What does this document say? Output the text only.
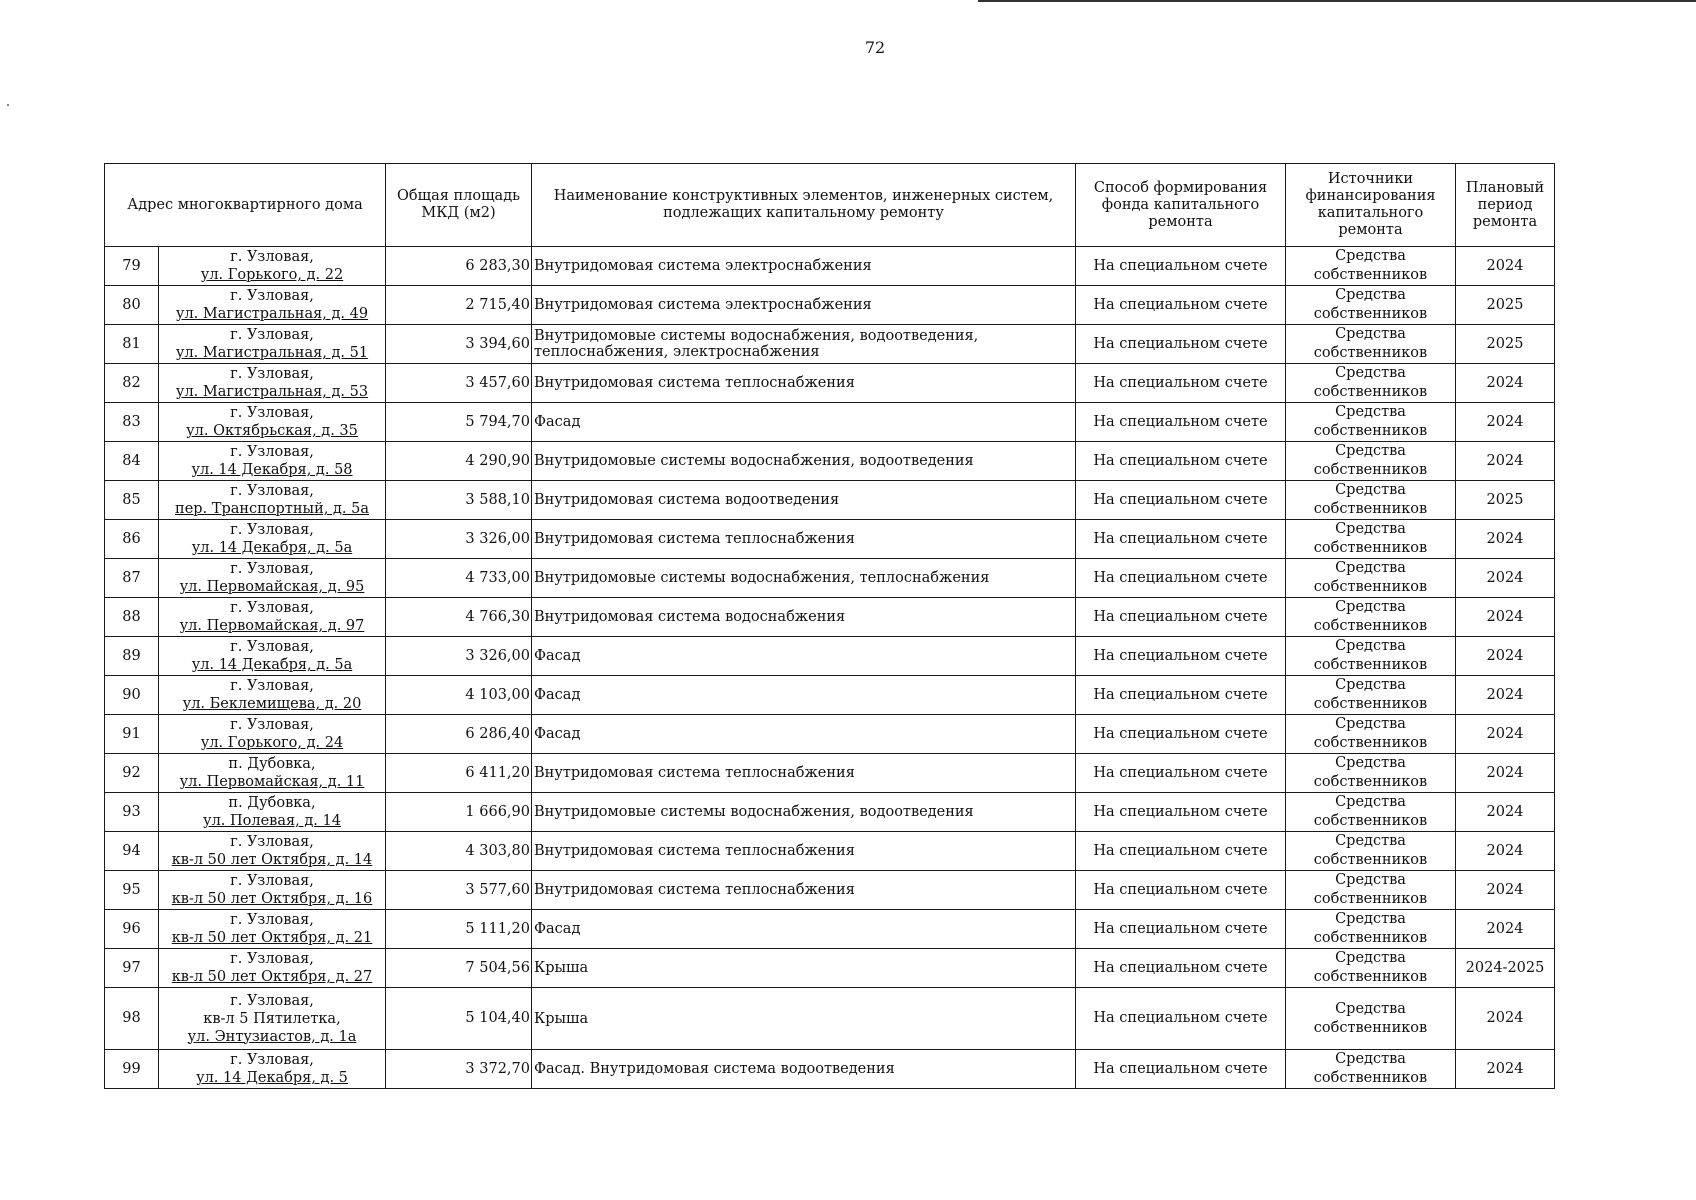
72
Адрес многоквартирного дома		Общая площадь МКД (м2)	Наименование конструктивных элементов, инженерных систем, подлежащих капитальному ремонту	Способ формирования фонда капитального ремонта	Источники финансирования капитального ремонта	Плановый период ремонта
79	г. Узловая,
ул. Горького, д. 22	6 283,30	Внутридомовая система электроснабжения	На специальном счете	Средства
собственников	2024
80	г. Узловая,
ул. Магистральная, д. 49	2 715,40	Внутридомовая система электроснабжения	На специальном счете	Средства
собственников	2025
81	г. Узловая,
ул. Магистральная, д. 51	3 394,60	Внутридомовые системы водоснабжения, водоотведения, теплоснабжения, электроснабжения	На специальном счете	Средства
собственников	2025
82	г. Узловая,
ул. Магистральная, д. 53	3 457,60	Внутридомовая система теплоснабжения	На специальном счете	Средства
собственников	2024
83	г. Узловая,
ул. Октябрьская, д. 35	5 794,70	Фасад	На специальном счете	Средства
собственников	2024
84	г. Узловая,
ул. 14 Декабря, д. 58	4 290,90	Внутридомовые системы водоснабжения, водоотведения	На специальном счете	Средства
собственников	2024
85	г. Узловая,
пер. Транспортный, д. 5а	3 588,10	Внутридомовая система водоотведения	На специальном счете	Средства
собственников	2025
86	г. Узловая,
ул. 14 Декабря, д. 5а	3 326,00	Внутридомовая система теплоснабжения	На специальном счете	Средства
собственников	2024
87	г. Узловая,
ул. Первомайская, д. 95	4 733,00	Внутридомовые системы водоснабжения, теплоснабжения	На специальном счете	Средства
собственников	2024
88	г. Узловая,
ул. Первомайская, д. 97	4 766,30	Внутридомовая система водоснабжения	На специальном счете	Средства
собственников	2024
89	г. Узловая,
ул. 14 Декабря, д. 5а	3 326,00	Фасад	На специальном счете	Средства
собственников	2024
90	г. Узловая,
ул. Беклемищева, д. 20	4 103,00	Фасад	На специальном счете	Средства
собственников	2024
91	г. Узловая,
ул. Горького, д. 24	6 286,40	Фасад	На специальном счете	Средства
собственников	2024
92	п. Дубовка,
ул. Первомайская, д. 11	6 411,20	Внутридомовая система теплоснабжения	На специальном счете	Средства
собственников	2024
93	п. Дубовка,
ул. Полевая, д. 14	1 666,90	Внутридомовые системы водоснабжения, водоотведения	На специальном счете	Средства
собственников	2024
94	г. Узловая,
кв-л 50 лет Октября, д. 14	4 303,80	Внутридомовая система теплоснабжения	На специальном счете	Средства
собственников	2024
95	г. Узловая,
кв-л 50 лет Октября, д. 16	3 577,60	Внутридомовая система теплоснабжения	На специальном счете	Средства
собственников	2024
96	г. Узловая,
кв-л 50 лет Октября, д. 21	5 111,20	Фасад	На специальном счете	Средства
собственников	2024
97	г. Узловая,
кв-л 50 лет Октября, д. 27	7 504,56	Крыша	На специальном счете	Средства
собственников	2024-2025
98	г. Узловая,
кв-л 5 Пятилетка,
ул. Энтузиастов, д. 1а	5 104,40	Крыша	На специальном счете	Средства
собственников	2024
99	г. Узловая,
ул. 14 Декабря, д. 5	3 372,70	Фасад. Внутридомовая система водоотведения	На специальном счете	Средства
собственников	2024
